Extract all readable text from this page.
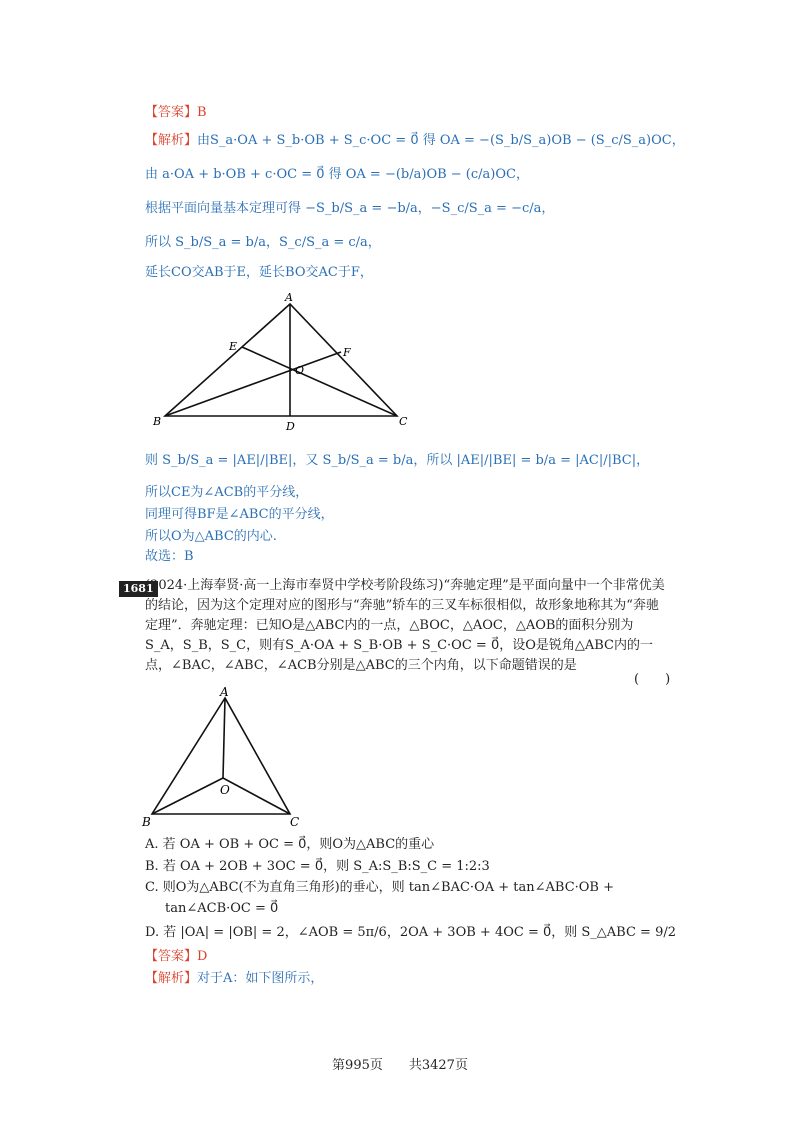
【答案】B
【解析】由S_a·OA + S_b·OB + S_c·OC = 0⃗ 得 OA = −(S_b/S_a)OB − (S_c/S_a)OC，
由 a·OA + b·OB + c·OC = 0⃗ 得 OA = −(b/a)OB − (c/a)OC，
根据平面向量基本定理可得 −S_b/S_a = −b/a，−S_c/S_a = −c/a，
所以 S_b/S_a = b/a，S_c/S_a = c/a，
延长CO交AB于E，延长BO交AC于F，
A
B	C
D
E	F
O
则 S_b/S_a = |AE|/|BE|，又 S_b/S_a = b/a，所以 |AE|/|BE| = b/a = |AC|/|BC|，
所以CE为∠ACB的平分线，
同理可得BF是∠ABC的平分线，
所以O为△ABC的内心.
故选：B
1681
(2024·上海奉贤·高一上海市奉贤中学校考阶段练习)“奔驰定理”是平面向量中一个非常优美的结论，因为这个定理对应的图形与“奔驰”轿车的三叉车标很相似，故形象地称其为“奔驰定理”．奔驰定理：已知O是△ABC内的一点，△BOC，△AOC，△AOB的面积分别为S_A，S_B，S_C，则有S_A·OA + S_B·OB + S_C·OC = 0⃗，设O是锐角△ABC内的一点，∠BAC，∠ABC，∠ACB分别是△ABC的三个内角，以下命题错误的是
(　　)
A
B	C
O
A. 若 OA + OB + OC = 0⃗，则O为△ABC的重心
B. 若 OA + 2OB + 3OC = 0⃗，则 S_A:S_B:S_C = 1:2:3
C. 则O为△ABC(不为直角三角形)的垂心，则 tan∠BAC·OA + tan∠ABC·OB +
tan∠ACB·OC = 0⃗
D. 若 |OA| = |OB| = 2，∠AOB = 5π/6，2OA + 3OB + 4OC = 0⃗，则 S_△ABC = 9/2
【答案】D
【解析】对于A：如下图所示，
第995页　　共3427页
